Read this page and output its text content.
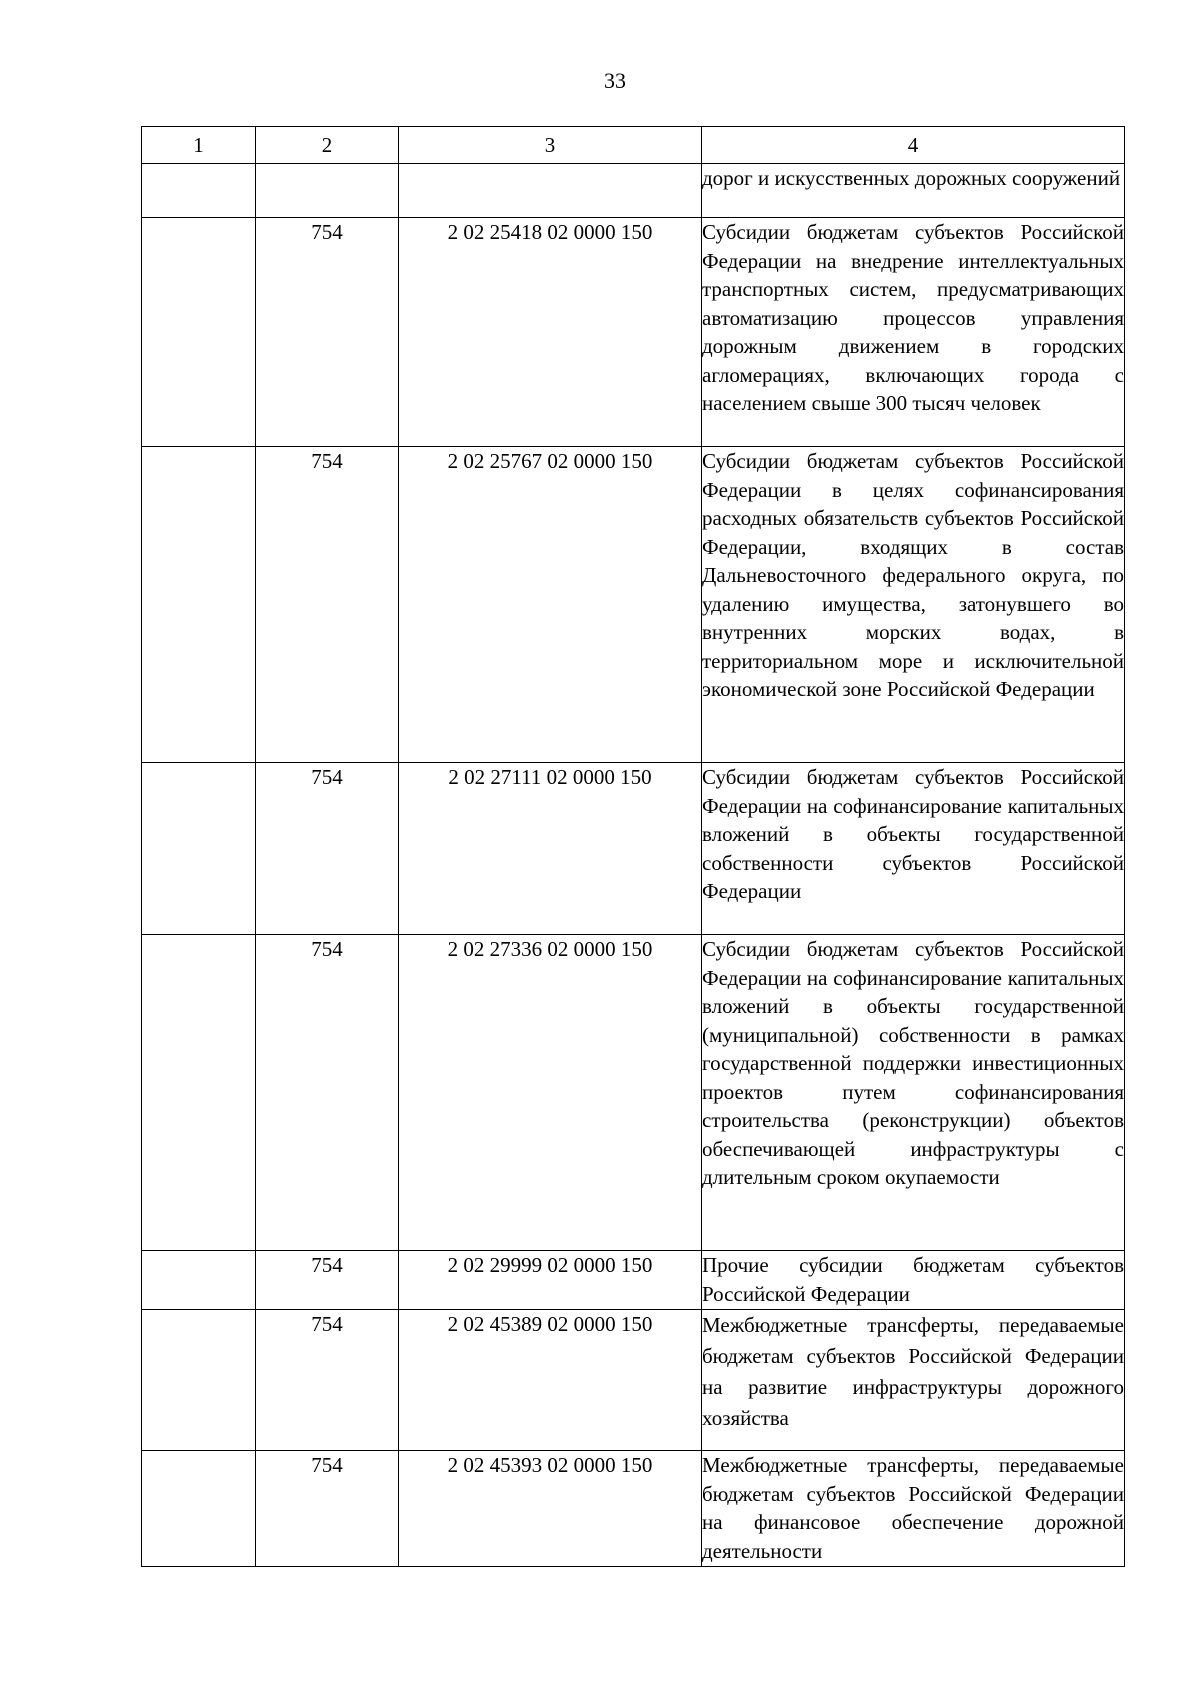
33
1	2	3	4
			дорог и искусственных дорожных сооружений
	754	2 02 25418 02 0000 150	Субсидии бюджетам субъектов Российской Федерации на внедрение интеллектуальных транспортных систем, предусматривающих автоматизацию процессов управления дорожным движением в городских агломерациях, включающих города с населением свыше 300 тысяч человек
	754	2 02 25767 02 0000 150	Субсидии бюджетам субъектов Российской Федерации в целях софинансирования расходных обязательств субъектов Российской Федерации, входящих в состав Дальневосточного федерального округа, по удалению имущества, затонувшего во внутренних морских водах, в территориальном море и исключительной экономической зоне Российской Федерации
	754	2 02 27111 02 0000 150	Субсидии бюджетам субъектов Российской Федерации на софинансирование капитальных вложений в объекты государственной собственности субъектов Российской Федерации
	754	2 02 27336 02 0000 150	Субсидии бюджетам субъектов Российской Федерации на софинансирование капитальных вложений в объекты государственной (муниципальной) собственности в рамках государственной поддержки инвестиционных проектов путем софинансирования строительства (реконструкции) объектов обеспечивающей инфраструктуры с длительным сроком окупаемости
	754	2 02 29999 02 0000 150	Прочие субсидии бюджетам субъектов Российской Федерации
	754	2 02 45389 02 0000 150	Межбюджетные трансферты, передаваемые бюджетам субъектов Российской Федерации на развитие инфраструктуры дорожного хозяйства
	754	2 02 45393 02 0000 150	Межбюджетные трансферты, передаваемые бюджетам субъектов Российской Федерации на финансовое обеспечение дорожной деятельности
